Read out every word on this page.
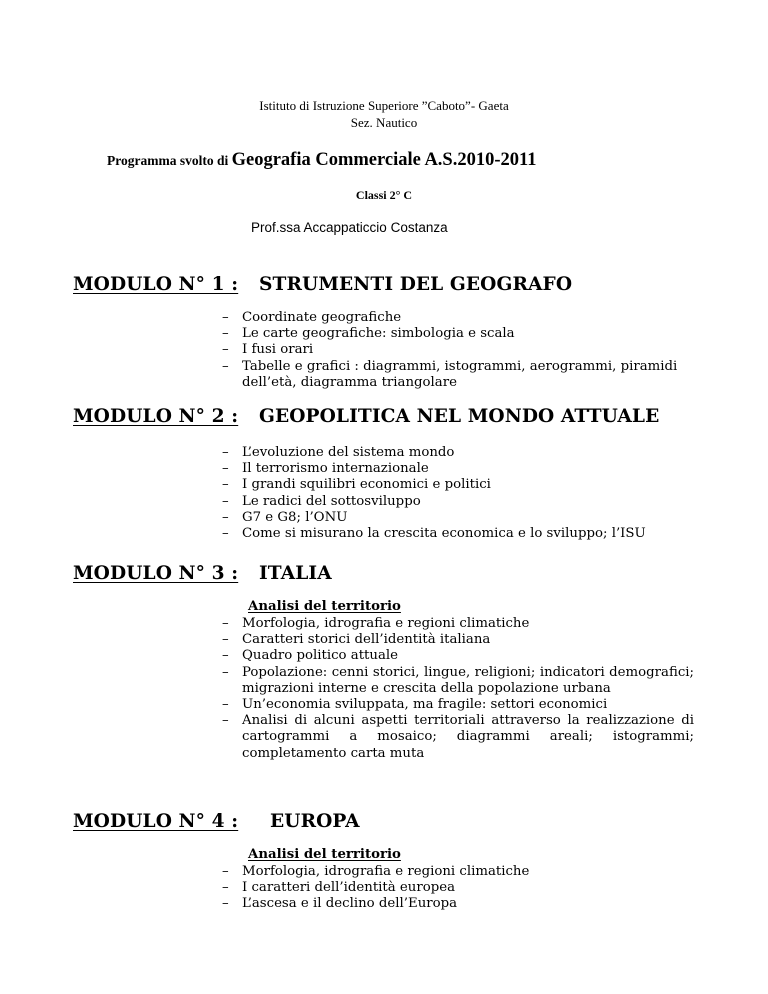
Istituto di Istruzione Superiore ”Caboto”- Gaeta
Sez. Nautico
Programma svolto di Geografia Commerciale A.S.2010-2011
Classi 2° C
Prof.ssa Accappaticcio Costanza
MODULO N° 1 : STRUMENTI DEL GEOGRAFO
– Coordinate geografiche
– Le carte geografiche: simbologia e scala
– I fusi orari
– Tabelle e grafici : diagrammi, istogrammi, aerogrammi, piramidi dell’età, diagramma triangolare
MODULO N° 2 : GEOPOLITICA NEL MONDO ATTUALE
– L’evoluzione del sistema mondo
– Il terrorismo internazionale
– I grandi squilibri economici e politici
– Le radici del sottosviluppo
– G7 e G8; l’ONU
– Come si misurano la crescita economica e lo sviluppo; l’ISU
MODULO N° 3 : ITALIA
Analisi del territorio
– Morfologia, idrografia e regioni climatiche
– Caratteri storici dell’identità italiana
– Quadro politico attuale
– Popolazione: cenni storici, lingue, religioni; indicatori demografici; migrazioni interne e crescita della popolazione urbana
– Un’economia sviluppata, ma fragile: settori economici
– Analisi di alcuni aspetti territoriali attraverso la realizzazione di cartogrammi a mosaico; diagrammi areali; istogrammi; completamento carta muta
MODULO N° 4 : EUROPA
Analisi del territorio
– Morfologia, idrografia e regioni climatiche
– I caratteri dell’identità europea
– L’ascesa e il declino dell’Europa
